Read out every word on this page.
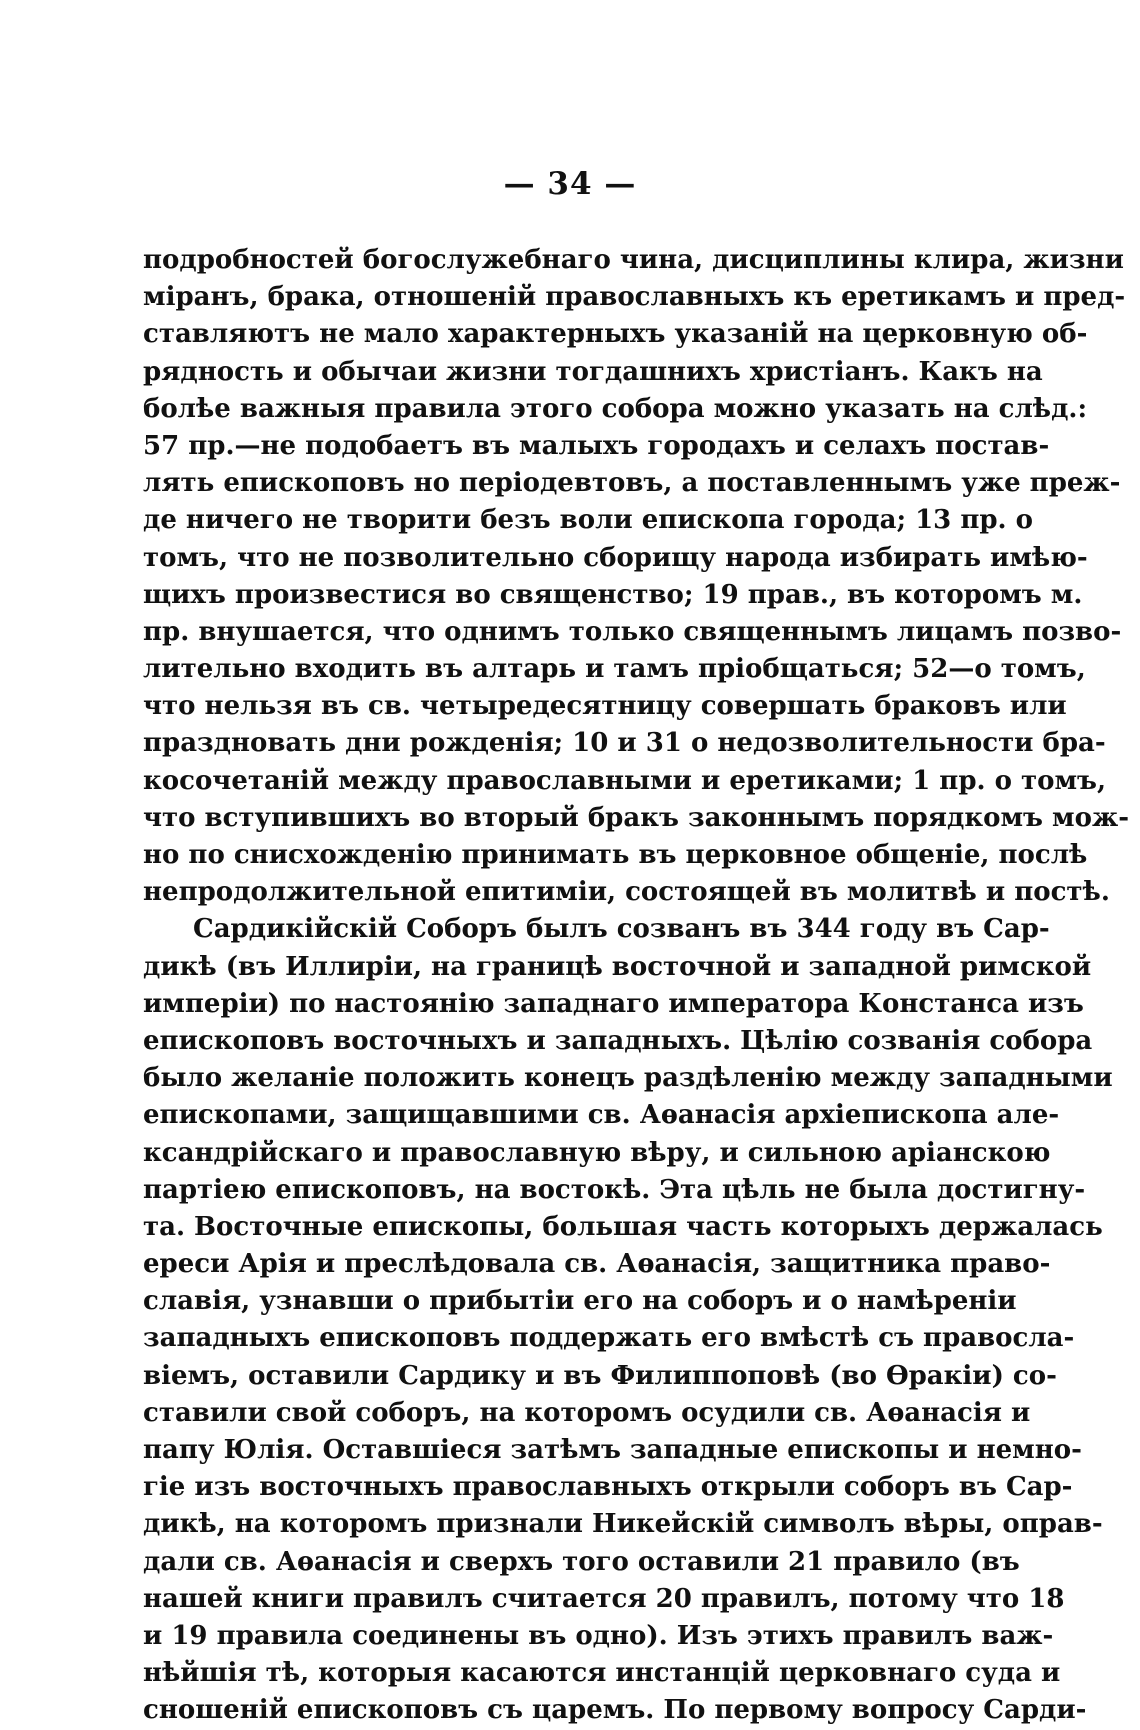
— 34 —
подробностей богослужебнаго чина, дисциплины клира, жизни
міранъ, брака, отношеній православныхъ къ еретикамъ и пред-
ставляютъ не мало характерныхъ указаній на церковную об-
рядность и обычаи жизни тогдашнихъ христіанъ. Какъ на
болѣе важныя правила этого собора можно указать на слѣд.:
57 пр.—не подобаетъ въ малыхъ городахъ и селахъ постав-
лять епископовъ но періодевтовъ, а поставленнымъ уже преж-
де ничего не творити безъ воли епископа города; 13 пр. о
томъ, что не позволительно сборищу народа избирать имѣю-
щихъ произвестися во священство; 19 прав., въ которомъ м.
пр. внушается, что однимъ только священнымъ лицамъ позво-
лительно входить въ алтарь и тамъ пріобщаться; 52—о томъ,
что нельзя въ св. четыредесятницу совершать браковъ или
праздновать дни рожденія; 10 и 31 о недозволительности бра-
косочетаній между православными и еретиками; 1 пр. о томъ,
что вступившихъ во вторый бракъ законнымъ порядкомъ мож-
но по снисхожденію принимать въ церковное общеніе, послѣ
непродолжительной епитиміи, состоящей въ молитвѣ и постѣ.
Сардикійскій Соборъ былъ созванъ въ 344 году въ Сар-
дикѣ (въ Иллиріи, на границѣ восточной и западной римской
имперіи) по настоянію западнаго императора Констанса изъ
епископовъ восточныхъ и западныхъ. Цѣлію созванія собора
было желаніе положить конецъ раздѣленію между западными
епископами, защищавшими св. Аѳанасія архіепископа але-
ксандрійскаго и православную вѣру, и сильною аріанскою
партіею епископовъ, на востокѣ. Эта цѣль не была достигну-
та. Восточные епископы, большая часть которыхъ держалась
ереси Арія и преслѣдовала св. Аѳанасія, защитника право-
славія, узнавши о прибытіи его на соборъ и о намѣреніи
западныхъ епископовъ поддержать его вмѣстѣ съ правосла-
віемъ, оставили Сардику и въ Филиппоповѣ (во Ѳракіи) со-
ставили свой соборъ, на которомъ осудили св. Аѳанасія и
папу Юлія. Оставшіеся затѣмъ западные епископы и немно-
гіе изъ восточныхъ православныхъ открыли соборъ въ Сар-
дикѣ, на которомъ признали Никейскій символъ вѣры, оправ-
дали св. Аѳанасія и сверхъ того оставили 21 правило (въ
нашей книги правилъ считается 20 правилъ, потому что 18
и 19 правила соединены въ одно). Изъ этихъ правилъ важ-
нѣйшія тѣ, которыя касаются инстанцій церковнаго суда и
сношеній епископовъ съ царемъ. По первому вопросу Сарди-
